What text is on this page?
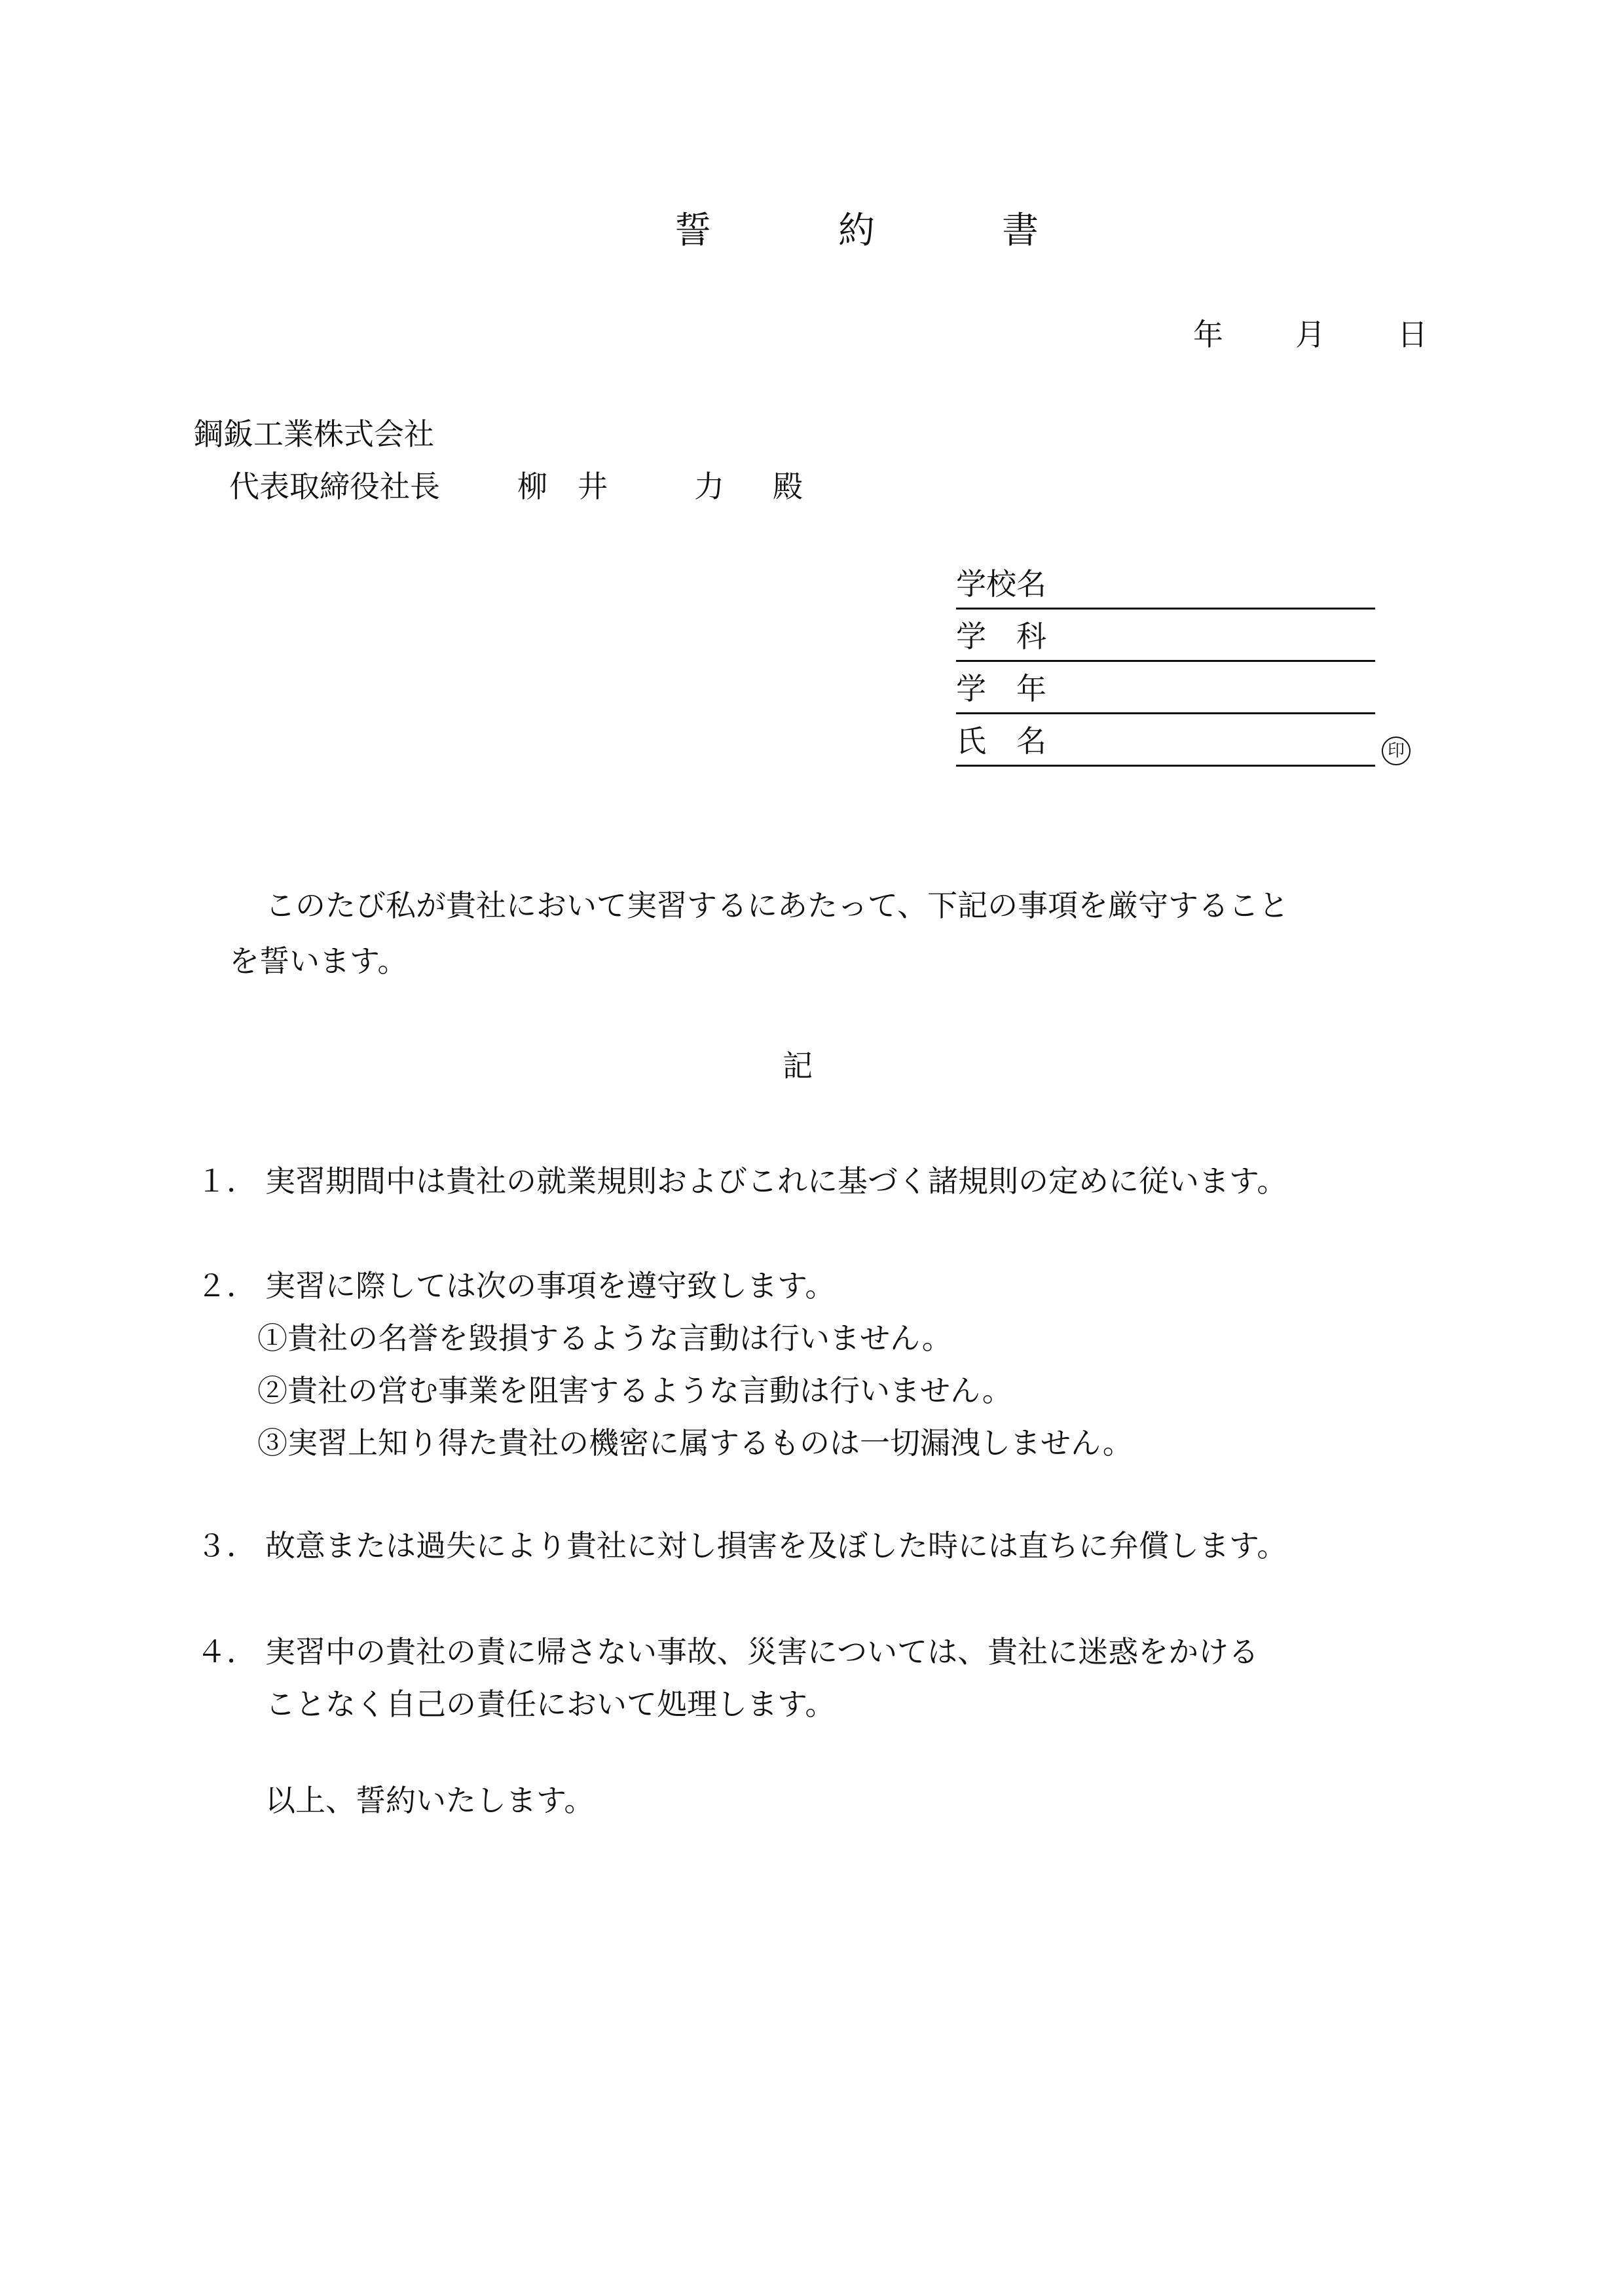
誓	約	書
年 月 日
鋼鈑工業株式会社
代表取締役社長	柳　井	力 殿
学校名
学　科
学　年
氏　名	印
このたび私が貴社において実習するにあたって、下記の事項を厳守すること
を誓います。
記
１． 実習期間中は貴社の就業規則およびこれに基づく諸規則の定めに従います。
２． 実習に際しては次の事項を遵守致します。
①貴社の名誉を毀損するような言動は行いません。
②貴社の営む事業を阻害するような言動は行いません。
③実習上知り得た貴社の機密に属するものは一切漏洩しません。
３． 故意または過失により貴社に対し損害を及ぼした時には直ちに弁償します。
４． 実習中の貴社の責に帰さない事故、災害については、貴社に迷惑をかける
ことなく自己の責任において処理します。
以上、誓約いたします。
